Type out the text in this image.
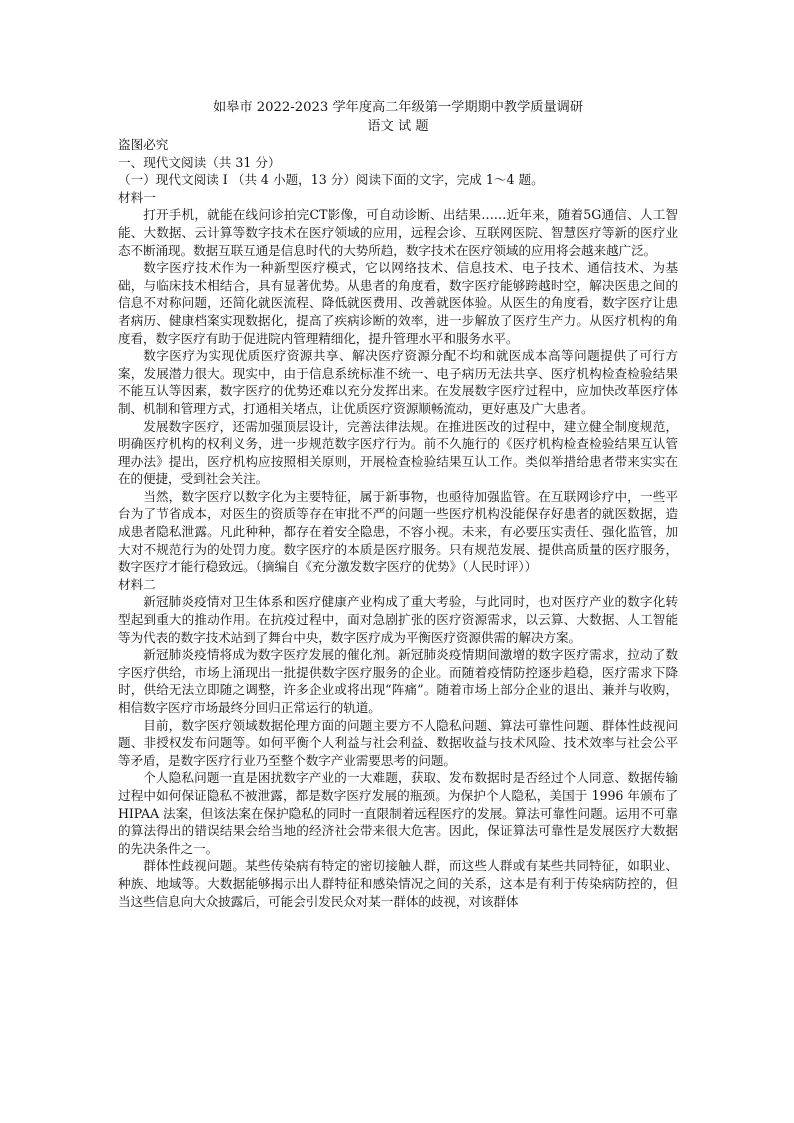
如皋市 2022-2023 学年度高二年级第一学期期中教学质量调研

语文 试 题

盗图必究

一、现代文阅读（共 31 分）

（一）现代文阅读 I （共 4 小题，13 分）阅读下面的文字，完成 1～4 题。

材料一

打开手机，就能在线问诊拍完CT影像，可自动诊断、出结果……近年来，随着5G通信、人工智能、大数据、云计算等数字技术在医疗领域的应用，远程会诊、互联网医院、智慧医疗等新的医疗业态不断涌现。数据互联互通是信息时代的大势所趋，数字技术在医疗领域的应用将会越来越广泛。

数字医疗技术作为一种新型医疗模式，它以网络技术、信息技术、电子技术、通信技术、为基础，与临床技术相结合，具有显著优势。从患者的角度看，数字医疗能够跨越时空，解决医患之间的信息不对称问题，还简化就医流程、降低就医费用、改善就医体验。从医生的角度看，数字医疗让患者病历、健康档案实现数据化，提高了疾病诊断的效率，进一步解放了医疗生产力。从医疗机构的角度看，数字医疗有助于促进院内管理精细化，提升管理水平和服务水平。

数字医疗为实现优质医疗资源共享、解决医疗资源分配不均和就医成本高等问题提供了可行方案，发展潜力很大。现实中，由于信息系统标准不统一、电子病历无法共享、医疗机构检查检验结果不能互认等因素，数字医疗的优势还难以充分发挥出来。在发展数字医疗过程中，应加快改革医疗体制、机制和管理方式，打通相关堵点，让优质医疗资源顺畅流动，更好惠及广大患者。

发展数字医疗，还需加强顶层设计，完善法律法规。在推进医改的过程中，建立健全制度规范，明确医疗机构的权利义务，进一步规范数字医疗行为。前不久施行的《医疗机构检查检验结果互认管理办法》提出，医疗机构应按照相关原则，开展检查检验结果互认工作。类似举措给患者带来实实在在的便捷，受到社会关注。

当然，数字医疗以数字化为主要特征，属于新事物，也亟待加强监管。在互联网诊疗中，一些平台为了节省成本，对医生的资质等存在审批不严的问题一些医疗机构没能保存好患者的就医数据，造成患者隐私泄露。凡此种种，都存在着安全隐患，不容小视。未来，有必要压实责任、强化监管，加大对不规范行为的处罚力度。数字医疗的本质是医疗服务。只有规范发展、提供高质量的医疗服务，数字医疗才能行稳致远。（摘编自《充分激发数字医疗的优势》（人民时评））

材料二

新冠肺炎疫情对卫生体系和医疗健康产业构成了重大考验，与此同时，也对医疗产业的数字化转型起到重大的推动作用。在抗疫过程中，面对急剧扩张的医疗资源需求，以云算、大数据、人工智能等为代表的数字技术站到了舞台中央，数字医疗成为平衡医疗资源供需的解决方案。

新冠肺炎疫情将成为数字医疗发展的催化剂。新冠肺炎疫情期间激增的数字医疗需求，拉动了数字医疗供给，市场上涌现出一批提供数字医疗服务的企业。而随着疫情防控逐步趋稳，医疗需求下降时，供给无法立即随之调整，许多企业或将出现“阵痛”。随着市场上部分企业的退出、兼并与收购，相信数字医疗市场最终分回归正常运行的轨道。

目前，数字医疗领域数据伦理方面的问题主要方不人隐私问题、算法可靠性问题、群体性歧视问题、非授权发布问题等。如何平衡个人利益与社会利益、数据收益与技术风险、技术效率与社会公平等矛盾，是数字医疗行业乃至整个数字产业需要思考的问题。

个人隐私问题一直是困扰数字产业的一大难题，获取、发布数据时是否经过个人同意、数据传输过程中如何保证隐私不被泄露，都是数字医疗发展的瓶颈。为保护个人隐私，美国于 1996 年颁布了 HIPAA 法案，但该法案在保护隐私的同时一直限制着远程医疗的发展。算法可靠性问题。运用不可靠的算法得出的错误结果会给当地的经济社会带来很大危害。因此，保证算法可靠性是发展医疗大数据的先决条件之一。

群体性歧视问题。某些传染病有特定的密切接触人群，而这些人群或有某些共同特征，如职业、种族、地域等。大数据能够揭示出人群特征和感染情况之间的关系，这本是有利于传染病防控的，但当这些信息向大众披露后，可能会引发民众对某一群体的歧视，对该群体
